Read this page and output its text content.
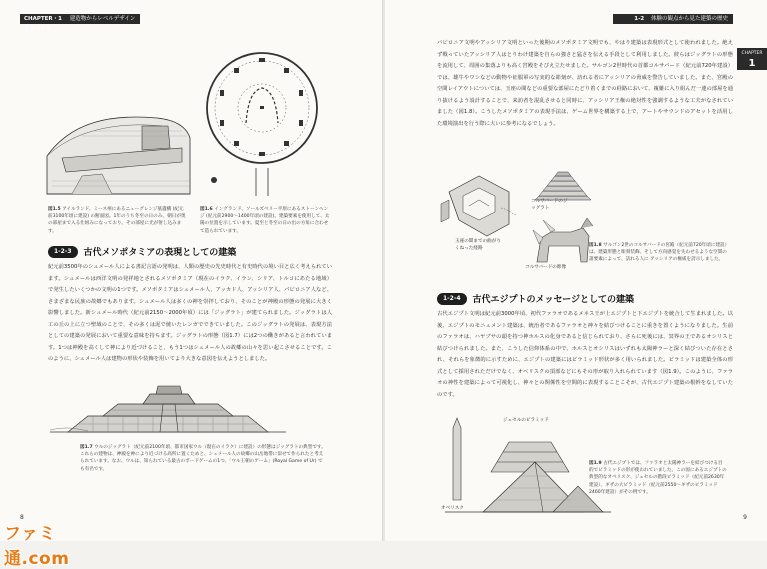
CHAPTER・1 建造物からレベルデザインを学ぶ準備
図1.5 アイルランド、ミース州にあるニューグレンジ墓遺構 (紀元前3100年頃に建設) の断面図。1年のうち冬至の日のみ、朝日が奥の部屋まで入る仕組みになっており、その部屋に光が射し込みます。
図1.6 イングランド、ソールズベリー平原にあるストーンヘンジ (紀元前2900〜1400年頃の建設)。建築要素を使用して、太陽の位置を示しています。夏至と冬至の日の出の方角に合わせて造られています。
1-2-3	古代メソポタミアの表現としての建築
紀元前3500年のシュメール人による書記言語の発明は、人類の歴史の先史時代と有史時代の境い目と広く考えられています。シュメールは西洋文明の発祥地とされるメソポタミア（現在のイラク、イラン、シリア、トルコにあたる地域）で発生したいくつかの文明の1つです。メソポタミアはシュメール人、アッカド人、アッシリア人、バビロニア人など、さまざまな民族の故郷でもあります。シュメール人は多くの神を崇拝しており、そのことが神殿の形態の発展に大きく影響しました。新シュメール時代（紀元前2150〜2000年頃）には「ジッグラト」が建てられました。ジッグラトは人工の丘の上に立つ聖域のことで、その多くは泥で焼いたレンガでできていました。このジッグラトの発展は、表現方法としての建築の発展において重要な意味を持ちます。ジッグラトの形態（図1.7）には2つの働きがあると言われています。1つは神殿を高くして神により近づけること、もう1つはシュメール人の故郷の山々を思い起こさせることです。このように、シュメール人は建物の形状や装飾を用いてより大きな意図を伝えようとしました。
図1.7 ウルのジッグラト（紀元前2100年頃、都市国家ウル（現在のイラク）に建設）の形態はジッグラトの典型です。これらの建物は、神殿を神により近づける高所に置くためと、シュメール人の故郷の山岳地帯に似せて作られたと考えられています。なお、ウルは、知られている最古のボードゲームの1つ、「ウル王朝のゲーム」(Royal Game of Ur) でも有名です。
8
ファミ通.com
1-2 体験の観点から見た建築の歴史
CHAPTER
1
バビロニア文明やアッシリア文明といった後期のメソポタミア文明でも、やはり建築は表現形式として使われました。絶えず戦っていたアッシリア人はとりわけ建築を自らの強さと猛さを伝える手段として利用しました。彼らはジッグラトの形態を流用して、周囲の集落よりも高く宮殿をそびえ立たせました。サルゴン2世時代の首都コルサバード（紀元前720年建設）では、雄牛やワシなどの動物や征服軍の写実的な彫刻が、訪れる者にアッシリアの脅威を警告していました。また、宮殿の空間レイアウトについては、玉座の間などの重要な部屋にたどり着くまでの経路において、複雑に入り組んだ一連の部屋を通り抜けるよう設計することで、来訪者を混乱させると同時に、アッシリア王権の絶対性を強調するような工夫がなされていました（図1.8）。こうしたメソポタミアの表現手法は、ゲーム世界を構築する上で、アートやサウンドのアセットを活用した環境演出を行う際に大いに参考になるでしょう。
コルサバードのジッグラト
玉座の間までの曲がりくねった経路
コルサバードの彫像
図1.8 サルゴン2世のコルサバードの宮殿（紀元前720年頃に建設）は、建築形態と彫刻装飾、そして方向感覚を失わせるような空間の諸要素によって、訪れる人に アッシリアの権威を誇示しました。
1-2-4	古代エジプトのメッセージとしての建築
古代エジプト文明は紀元前3000年頃、初代ファラオであるメネス王が上エジプトと下エジプトを統合して生まれました。以後、エジプトのモニュメント建築は、統治者であるファラオと神々を結びつけることに重きを置くようになりました。生前のファラオは、ハヤブサの頭を持つ神ホルスの化身であると信じられており、さらに死後には、冥界の王であるオシリスと結びつけられました。また、こうした信仰体系の中で、ホルスとオシリスはいずれも太陽神ラーと深く結びついた存在とされ、それらを象徴的に示すために、エジプトの建築にはピラミッド形状が多く用いられました。ピラミッドは建築全体の形式として採用されただけでなく、オベリスクの頂部などにもその形が取り入れられています（図1.9）。このように、ファラオの神性を建築によって可視化し、神々との関係性を空間的に表現することこそが、古代エジプト建築の根幹をなしていたのです。
ジェセルのピラミッド
オベリスク
図1.9 古代エジプトでは、ファラオと太陽神ラーを結びつける目的でピラミッドの形が使われていました。この図にあるエジプトの典型的なオベリスク、ジェセルの階段ピラミッド（紀元前2630年建設）、ギザの大ピラミッド（紀元前2550〜ギザのピラミッド2460年建設）がその例です。
9
